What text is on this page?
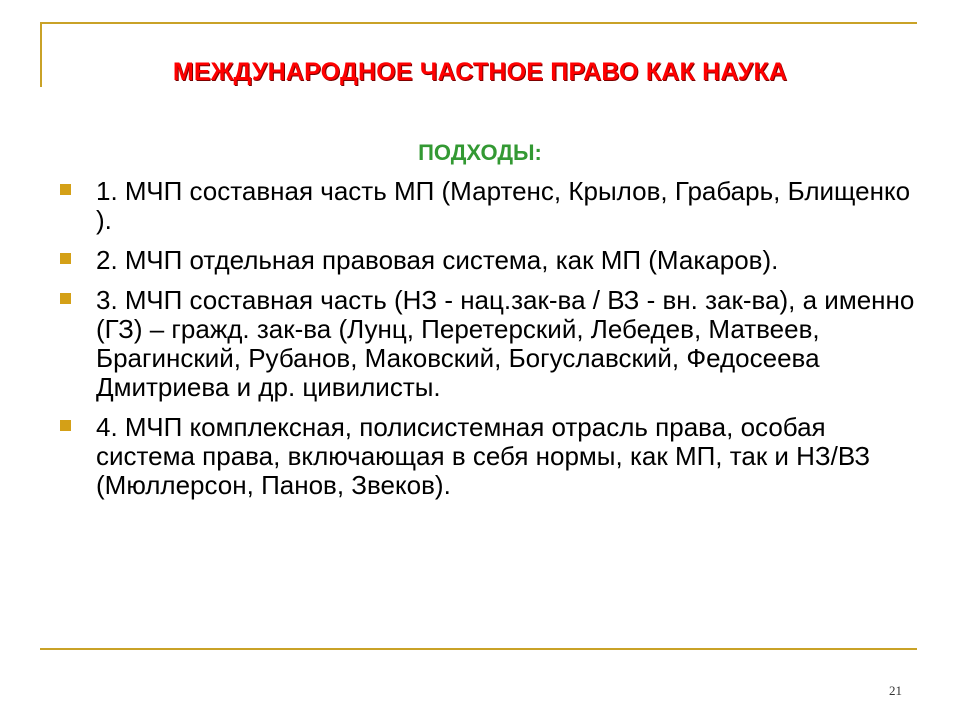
МЕЖДУНАРОДНОЕ ЧАСТНОЕ ПРАВО КАК НАУКА
ПОДХОДЫ:
1. МЧП составная часть МП (Мартенс, Крылов, Грабарь, Блищенко ).
2. МЧП отдельная правовая система, как МП (Макаров).
3. МЧП составная часть (НЗ - нац.зак-ва / ВЗ - вн. зак-ва), а именно (ГЗ) – гражд. зак-ва (Лунц, Перетерский, Лебедев, Матвеев, Брагинский, Рубанов, Маковский, Богуславский, Федосеева Дмитриева и др. цивилисты.
4. МЧП комплексная, полисистемная отрасль права, особая система права, включающая в себя нормы, как МП, так и НЗ/ВЗ (Мюллерсон, Панов, Звеков).
21
